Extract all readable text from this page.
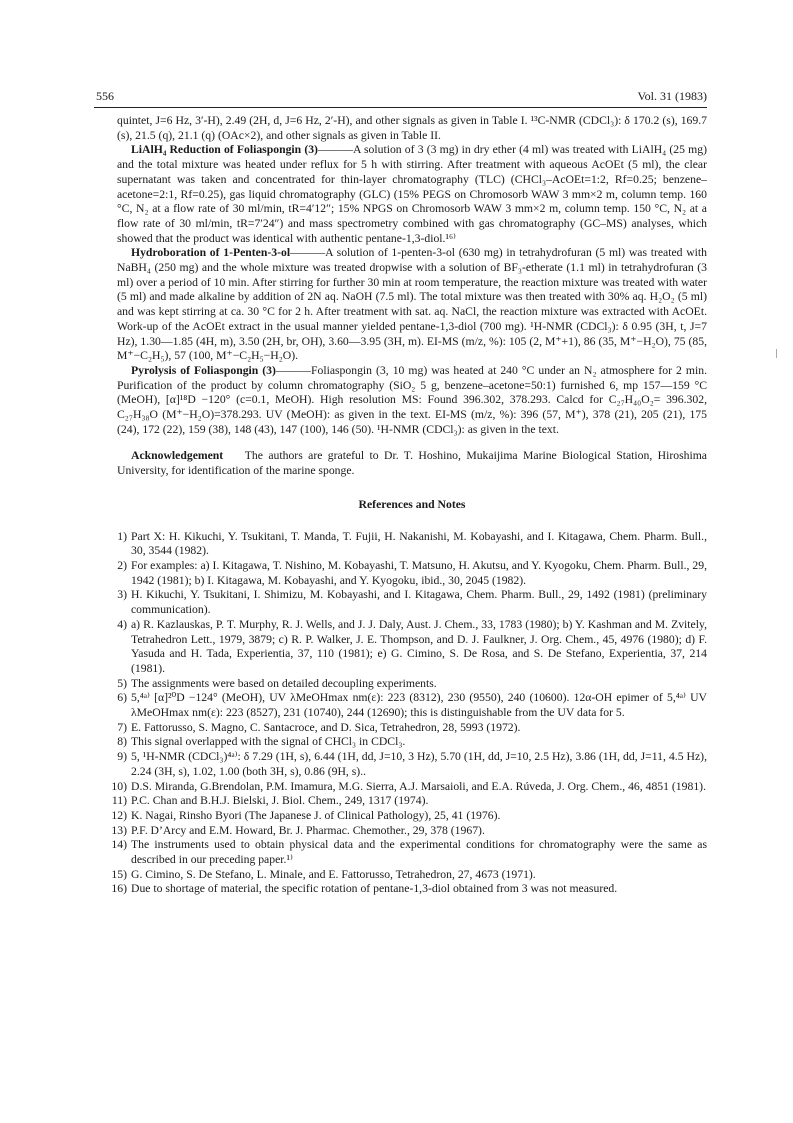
556	Vol. 31 (1983)

quintet, J=6 Hz, 3′-H), 2.49 (2H, d, J=6 Hz, 2′-H), and other signals as given in Table I. ¹³C-NMR (CDCl₃): δ 170.2 (s), 169.7 (s), 21.5 (q), 21.1 (q) (OAc×2), and other signals as given in Table II.

LiAlH₄ Reduction of Foliaspongin (3)———A solution of 3 (3 mg) in dry ether (4 ml) was treated with LiAlH₄ (25 mg) and the total mixture was heated under reflux for 5 h with stirring. After treatment with aqueous AcOEt (5 ml), the clear supernatant was taken and concentrated for thin-layer chromatography (TLC) (CHCl₃–AcOEt=1:2, Rf=0.25; benzene–acetone=2:1, Rf=0.25), gas liquid chromatography (GLC) (15% PEGS on Chromosorb WAW 3 mm×2 m, column temp. 160 °C, N₂ at a flow rate of 30 ml/min, tR=4′12″; 15% NPGS on Chromosorb WAW 3 mm×2 m, column temp. 150 °C, N₂ at a flow rate of 30 ml/min, tR=7′24″) and mass spectrometry combined with gas chromatography (GC–MS) analyses, which showed that the product was identical with authentic pentane-1,3-diol.¹⁶⁾

Hydroboration of 1-Penten-3-ol———A solution of 1-penten-3-ol (630 mg) in tetrahydrofuran (5 ml) was treated with NaBH₄ (250 mg) and the whole mixture was treated dropwise with a solution of BF₃-etherate (1.1 ml) in tetrahydrofuran (3 ml) over a period of 10 min. After stirring for further 30 min at room temperature, the reaction mixture was treated with water (5 ml) and made alkaline by addition of 2N aq. NaOH (7.5 ml). The total mixture was then treated with 30% aq. H₂O₂ (5 ml) and was kept stirring at ca. 30 °C for 2 h. After treatment with sat. aq. NaCl, the reaction mixture was extracted with AcOEt. Work-up of the AcOEt extract in the usual manner yielded pentane-1,3-diol (700 mg). ¹H-NMR (CDCl₃): δ 0.95 (3H, t, J=7 Hz), 1.30—1.85 (4H, m), 3.50 (2H, br, OH), 3.60—3.95 (3H, m). EI-MS (m/z, %): 105 (2, M⁺+1), 86 (35, M⁺−H₂O), 75 (85, M⁺−C₂H₅), 57 (100, M⁺−C₂H₅−H₂O).

Pyrolysis of Foliaspongin (3)———Foliaspongin (3, 10 mg) was heated at 240 °C under an N₂ atmosphere for 2 min. Purification of the product by column chromatography (SiO₂ 5 g, benzene–acetone=50:1) furnished 6, mp 157—159 °C (MeOH), [α]¹⁸D −120° (c=0.1, MeOH). High resolution MS: Found 396.302, 378.293. Calcd for C₂₇H₄₀O₂= 396.302, C₂₇H₃₈O (M⁺−H₂O)=378.293. UV (MeOH): as given in the text. EI-MS (m/z, %): 396 (57, M⁺), 378 (21), 205 (21), 175 (24), 172 (22), 159 (38), 148 (43), 147 (100), 146 (50). ¹H-NMR (CDCl₃): as given in the text.

Acknowledgement The authors are grateful to Dr. T. Hoshino, Mukaijima Marine Biological Station, Hiroshima University, for identification of the marine sponge.

References and Notes

1) Part X: H. Kikuchi, Y. Tsukitani, T. Manda, T. Fujii, H. Nakanishi, M. Kobayashi, and I. Kitagawa, Chem. Pharm. Bull., 30, 3544 (1982).
2) For examples: a) I. Kitagawa, T. Nishino, M. Kobayashi, T. Matsuno, H. Akutsu, and Y. Kyogoku, Chem. Pharm. Bull., 29, 1942 (1981); b) I. Kitagawa, M. Kobayashi, and Y. Kyogoku, ibid., 30, 2045 (1982).
3) H. Kikuchi, Y. Tsukitani, I. Shimizu, M. Kobayashi, and I. Kitagawa, Chem. Pharm. Bull., 29, 1492 (1981) (preliminary communication).
4) a) R. Kazlauskas, P. T. Murphy, R. J. Wells, and J. J. Daly, Aust. J. Chem., 33, 1783 (1980); b) Y. Kashman and M. Zvitely, Tetrahedron Lett., 1979, 3879; c) R. P. Walker, J. E. Thompson, and D. J. Faulkner, J. Org. Chem., 45, 4976 (1980); d) F. Yasuda and H. Tada, Experientia, 37, 110 (1981); e) G. Cimino, S. De Rosa, and S. De Stefano, Experientia, 37, 214 (1981).
5) The assignments were based on detailed decoupling experiments.
6) 5,⁴ᵃ⁾ [α]²⁰D −124° (MeOH), UV λMeOHmax nm(ε): 223 (8312), 230 (9550), 240 (10600). 12α-OH epimer of 5,⁴ᵃ⁾ UV λMeOHmax nm(ε): 223 (8527), 231 (10740), 244 (12690); this is distinguishable from the UV data for 5.
7) E. Fattorusso, S. Magno, C. Santacroce, and D. Sica, Tetrahedron, 28, 5993 (1972).
8) This signal overlapped with the signal of CHCl₃ in CDCl₃.
9) 5, ¹H-NMR (CDCl₃)⁴ᵃ⁾: δ 7.29 (1H, s), 6.44 (1H, dd, J=10, 3 Hz), 5.70 (1H, dd, J=10, 2.5 Hz), 3.86 (1H, dd, J=11, 4.5 Hz), 2.24 (3H, s), 1.02, 1.00 (both 3H, s), 0.86 (9H, s)..
10) D.S. Miranda, G.Brendolan, P.M. Imamura, M.G. Sierra, A.J. Marsaioli, and E.A. Rúveda, J. Org. Chem., 46, 4851 (1981).
11) P.C. Chan and B.H.J. Bielski, J. Biol. Chem., 249, 1317 (1974).
12) K. Nagai, Rinsho Byori (The Japanese J. of Clinical Pathology), 25, 41 (1976).
13) P.F. D’Arcy and E.M. Howard, Br. J. Pharmac. Chemother., 29, 378 (1967).
14) The instruments used to obtain physical data and the experimental conditions for chromatography were the same as described in our preceding paper.¹⁾
15) G. Cimino, S. De Stefano, L. Minale, and E. Fattorusso, Tetrahedron, 27, 4673 (1971).
16) Due to shortage of material, the specific rotation of pentane-1,3-diol obtained from 3 was not measured.
